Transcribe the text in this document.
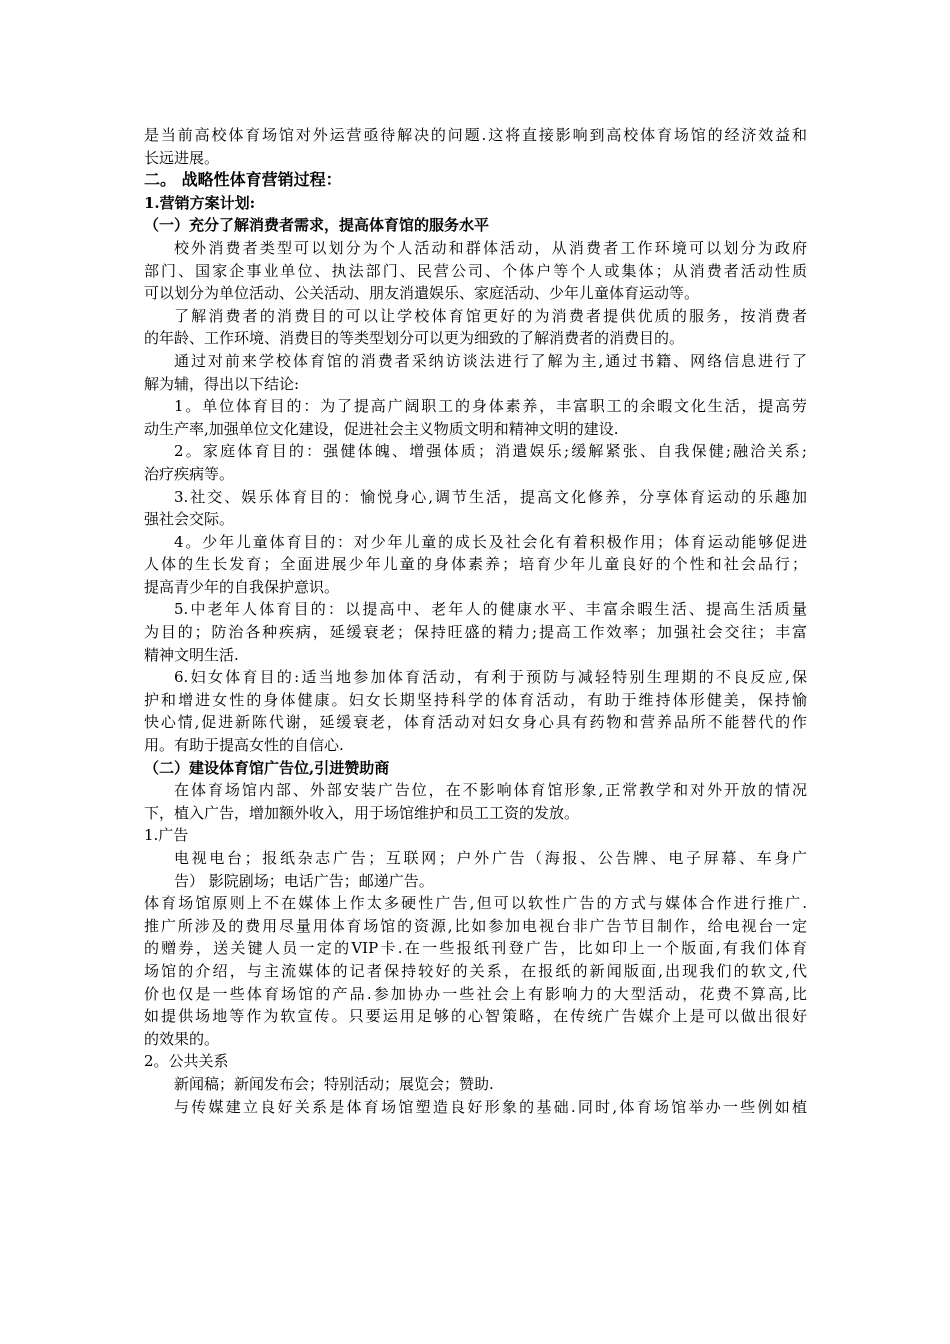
是当前高校体育场馆对外运营亟待解决的问题.这将直接影响到高校体育场馆的经济效益和
长远进展。
二。 战略性体育营销过程：
1.营销方案计划:
（一）充分了解消费者需求，提高体育馆的服务水平
校外消费者类型可以划分为个人活动和群体活动，从消费者工作环境可以划分为政府
部门、国家企事业单位、执法部门、民营公司、个体户等个人或集体；从消费者活动性质
可以划分为单位活动、公关活动、朋友消遣娱乐、家庭活动、少年儿童体育运动等。
了解消费者的消费目的可以让学校体育馆更好的为消费者提供优质的服务，按消费者
的年龄、工作环境、消费目的等类型划分可以更为细致的了解消费者的消费目的。
通过对前来学校体育馆的消费者采纳访谈法进行了解为主,通过书籍、网络信息进行了
解为辅，得出以下结论:
1。单位体育目的：为了提高广阔职工的身体素养，丰富职工的余暇文化生活，提高劳
动生产率,加强单位文化建设，促进社会主义物质文明和精神文明的建设.
2。家庭体育目的：强健体魄、增强体质；消遣娱乐;缓解紧张、自我保健;融洽关系;
治疗疾病等。
3.社交、娱乐体育目的：愉悦身心,调节生活，提高文化修养，分享体育运动的乐趣加
强社会交际。
4。少年儿童体育目的：对少年儿童的成长及社会化有着积极作用；体育运动能够促进
人体的生长发育；全面进展少年儿童的身体素养；培育少年儿童良好的个性和社会品行；
提高青少年的自我保护意识。
5.中老年人体育目的：以提高中、老年人的健康水平、丰富余暇生活、提高生活质量
为目的；防治各种疾病，延缓衰老；保持旺盛的精力;提高工作效率；加强社会交往；丰富
精神文明生活.
6.妇女体育目的:适当地参加体育活动，有利于预防与减轻特别生理期的不良反应,保
护和增进女性的身体健康。妇女长期坚持科学的体育活动，有助于维持体形健美，保持愉
快心情,促进新陈代谢，延缓衰老，体育活动对妇女身心具有药物和营养品所不能替代的作
用。有助于提高女性的自信心.
（二）建设体育馆广告位,引进赞助商
在体育场馆内部、外部安装广告位，在不影响体育馆形象,正常教学和对外开放的情况
下，植入广告，增加额外收入，用于场馆维护和员工工资的发放。
1.广告
电视电台；报纸杂志广告；互联网；户外广告（海报、公告牌、电子屏幕、车身广
告） 影院剧场；电话广告；邮递广告。
体育场馆原则上不在媒体上作太多硬性广告,但可以软性广告的方式与媒体合作进行推广.
推广所涉及的费用尽量用体育场馆的资源,比如参加电视台非广告节目制作，给电视台一定
的赠券，送关键人员一定的VIP卡.在一些报纸刊登广告，比如印上一个版面,有我们体育
场馆的介绍，与主流媒体的记者保持较好的关系，在报纸的新闻版面,出现我们的软文,代
价也仅是一些体育场馆的产品.参加协办一些社会上有影响力的大型活动，花费不算高,比
如提供场地等作为软宣传。只要运用足够的心智策略，在传统广告媒介上是可以做出很好
的效果的。
2。公共关系
新闻稿；新闻发布会；特别活动；展览会；赞助.
与传媒建立良好关系是体育场馆塑造良好形象的基础.同时,体育场馆举办一些例如植
